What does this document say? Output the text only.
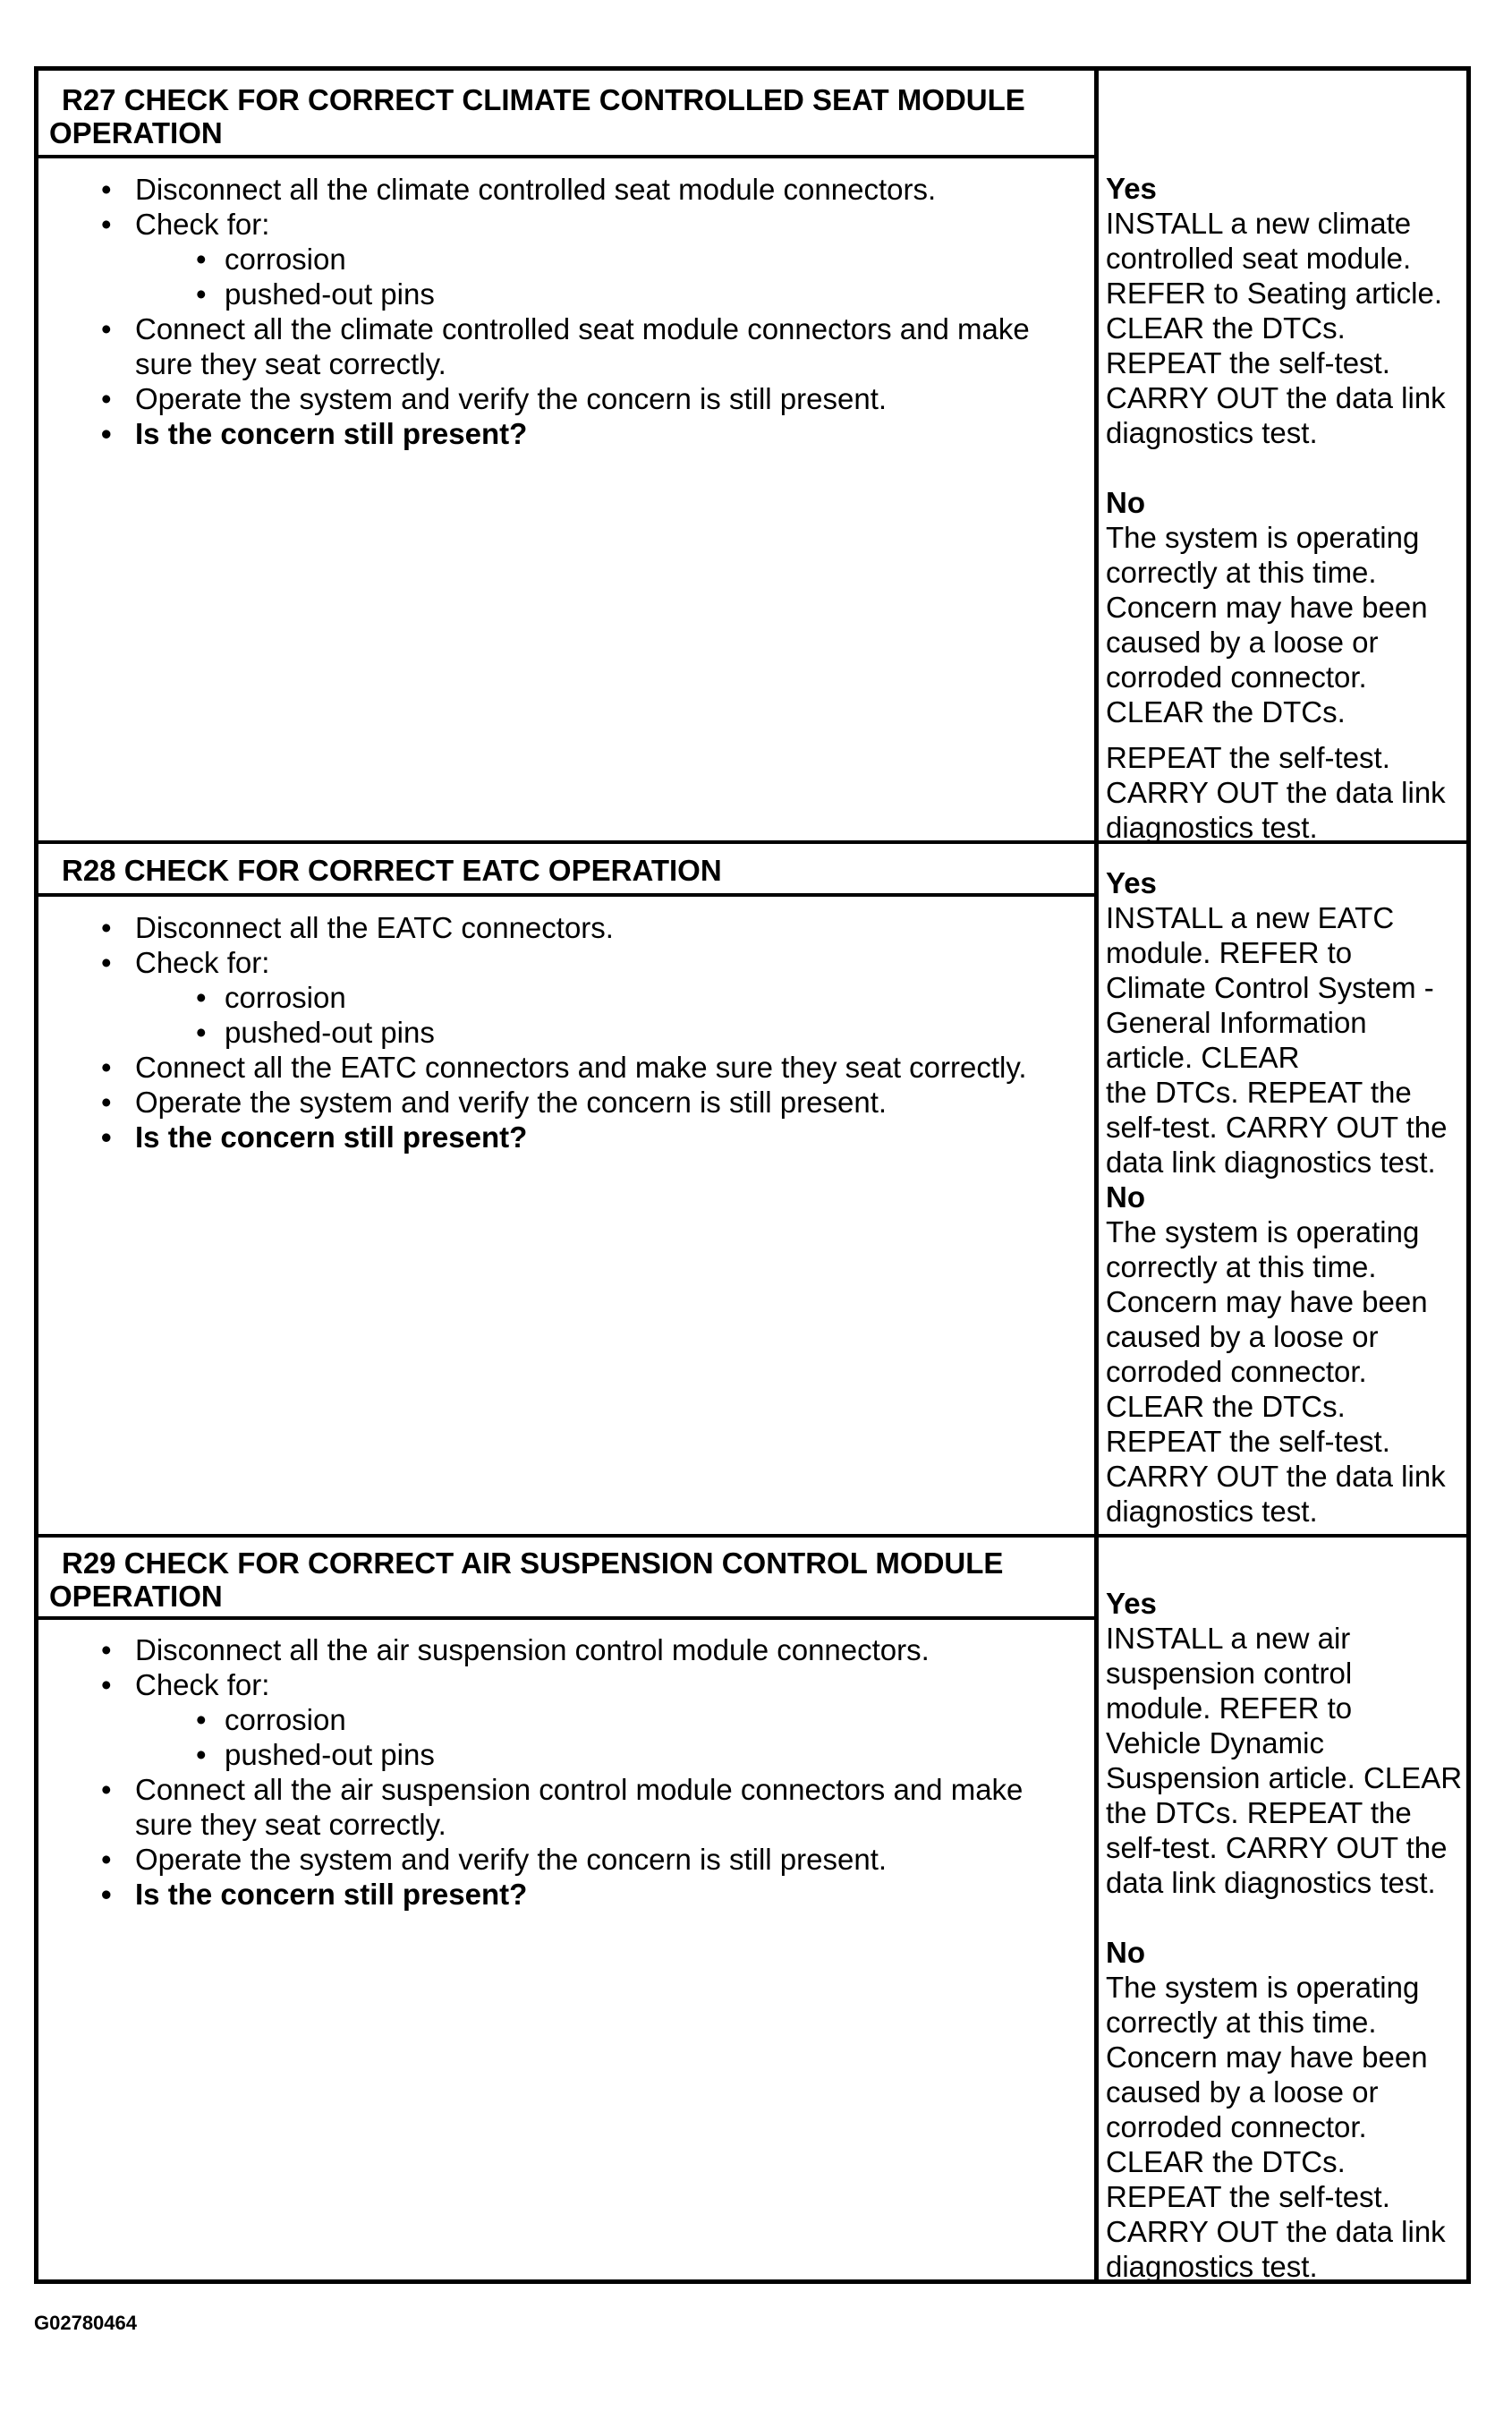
R27 CHECK FOR CORRECT CLIMATE CONTROLLED SEAT MODULE
OPERATION
• Disconnect all the climate controlled seat module connectors.
• Check for:
• corrosion
• pushed-out pins
• Connect all the climate controlled seat module connectors and make
sure they seat correctly.
• Operate the system and verify the concern is still present.
• Is the concern still present?

Yes

INSTALL a new climate

controlled seat module.

REFER to Seating article.

CLEAR the DTCs.

REPEAT the self-test.

CARRY OUT the data link

diagnostics test.

No

The system is operating

correctly at this time.

Concern may have been

caused by a loose or

corroded connector.

CLEAR the DTCs.

REPEAT the self-test.

CARRY OUT the data link

diagnostics test.

R28 CHECK FOR CORRECT EATC OPERATION
• Disconnect all the EATC connectors.
• Check for:
• corrosion
• pushed-out pins
• Connect all the EATC connectors and make sure they seat correctly.
• Operate the system and verify the concern is still present.
• Is the concern still present?

Yes

INSTALL a new EATC

module. REFER to

Climate Control System -

General Information

article. CLEAR

the DTCs. REPEAT the

self-test. CARRY OUT the

data link diagnostics test.

No

The system is operating

correctly at this time.

Concern may have been

caused by a loose or

corroded connector.

CLEAR the DTCs.

REPEAT the self-test.

CARRY OUT the data link

diagnostics test.

R29 CHECK FOR CORRECT AIR SUSPENSION CONTROL MODULE
OPERATION
• Disconnect all the air suspension control module connectors.
• Check for:
• corrosion
• pushed-out pins
• Connect all the air suspension control module connectors and make
sure they seat correctly.
• Operate the system and verify the concern is still present.
• Is the concern still present?

Yes

INSTALL a new air

suspension control

module. REFER to

Vehicle Dynamic

Suspension article. CLEAR

the DTCs. REPEAT the

self-test. CARRY OUT the

data link diagnostics test.

No

The system is operating

correctly at this time.

Concern may have been

caused by a loose or

corroded connector.

CLEAR the DTCs.

REPEAT the self-test.

CARRY OUT the data link

diagnostics test.

G02780464
